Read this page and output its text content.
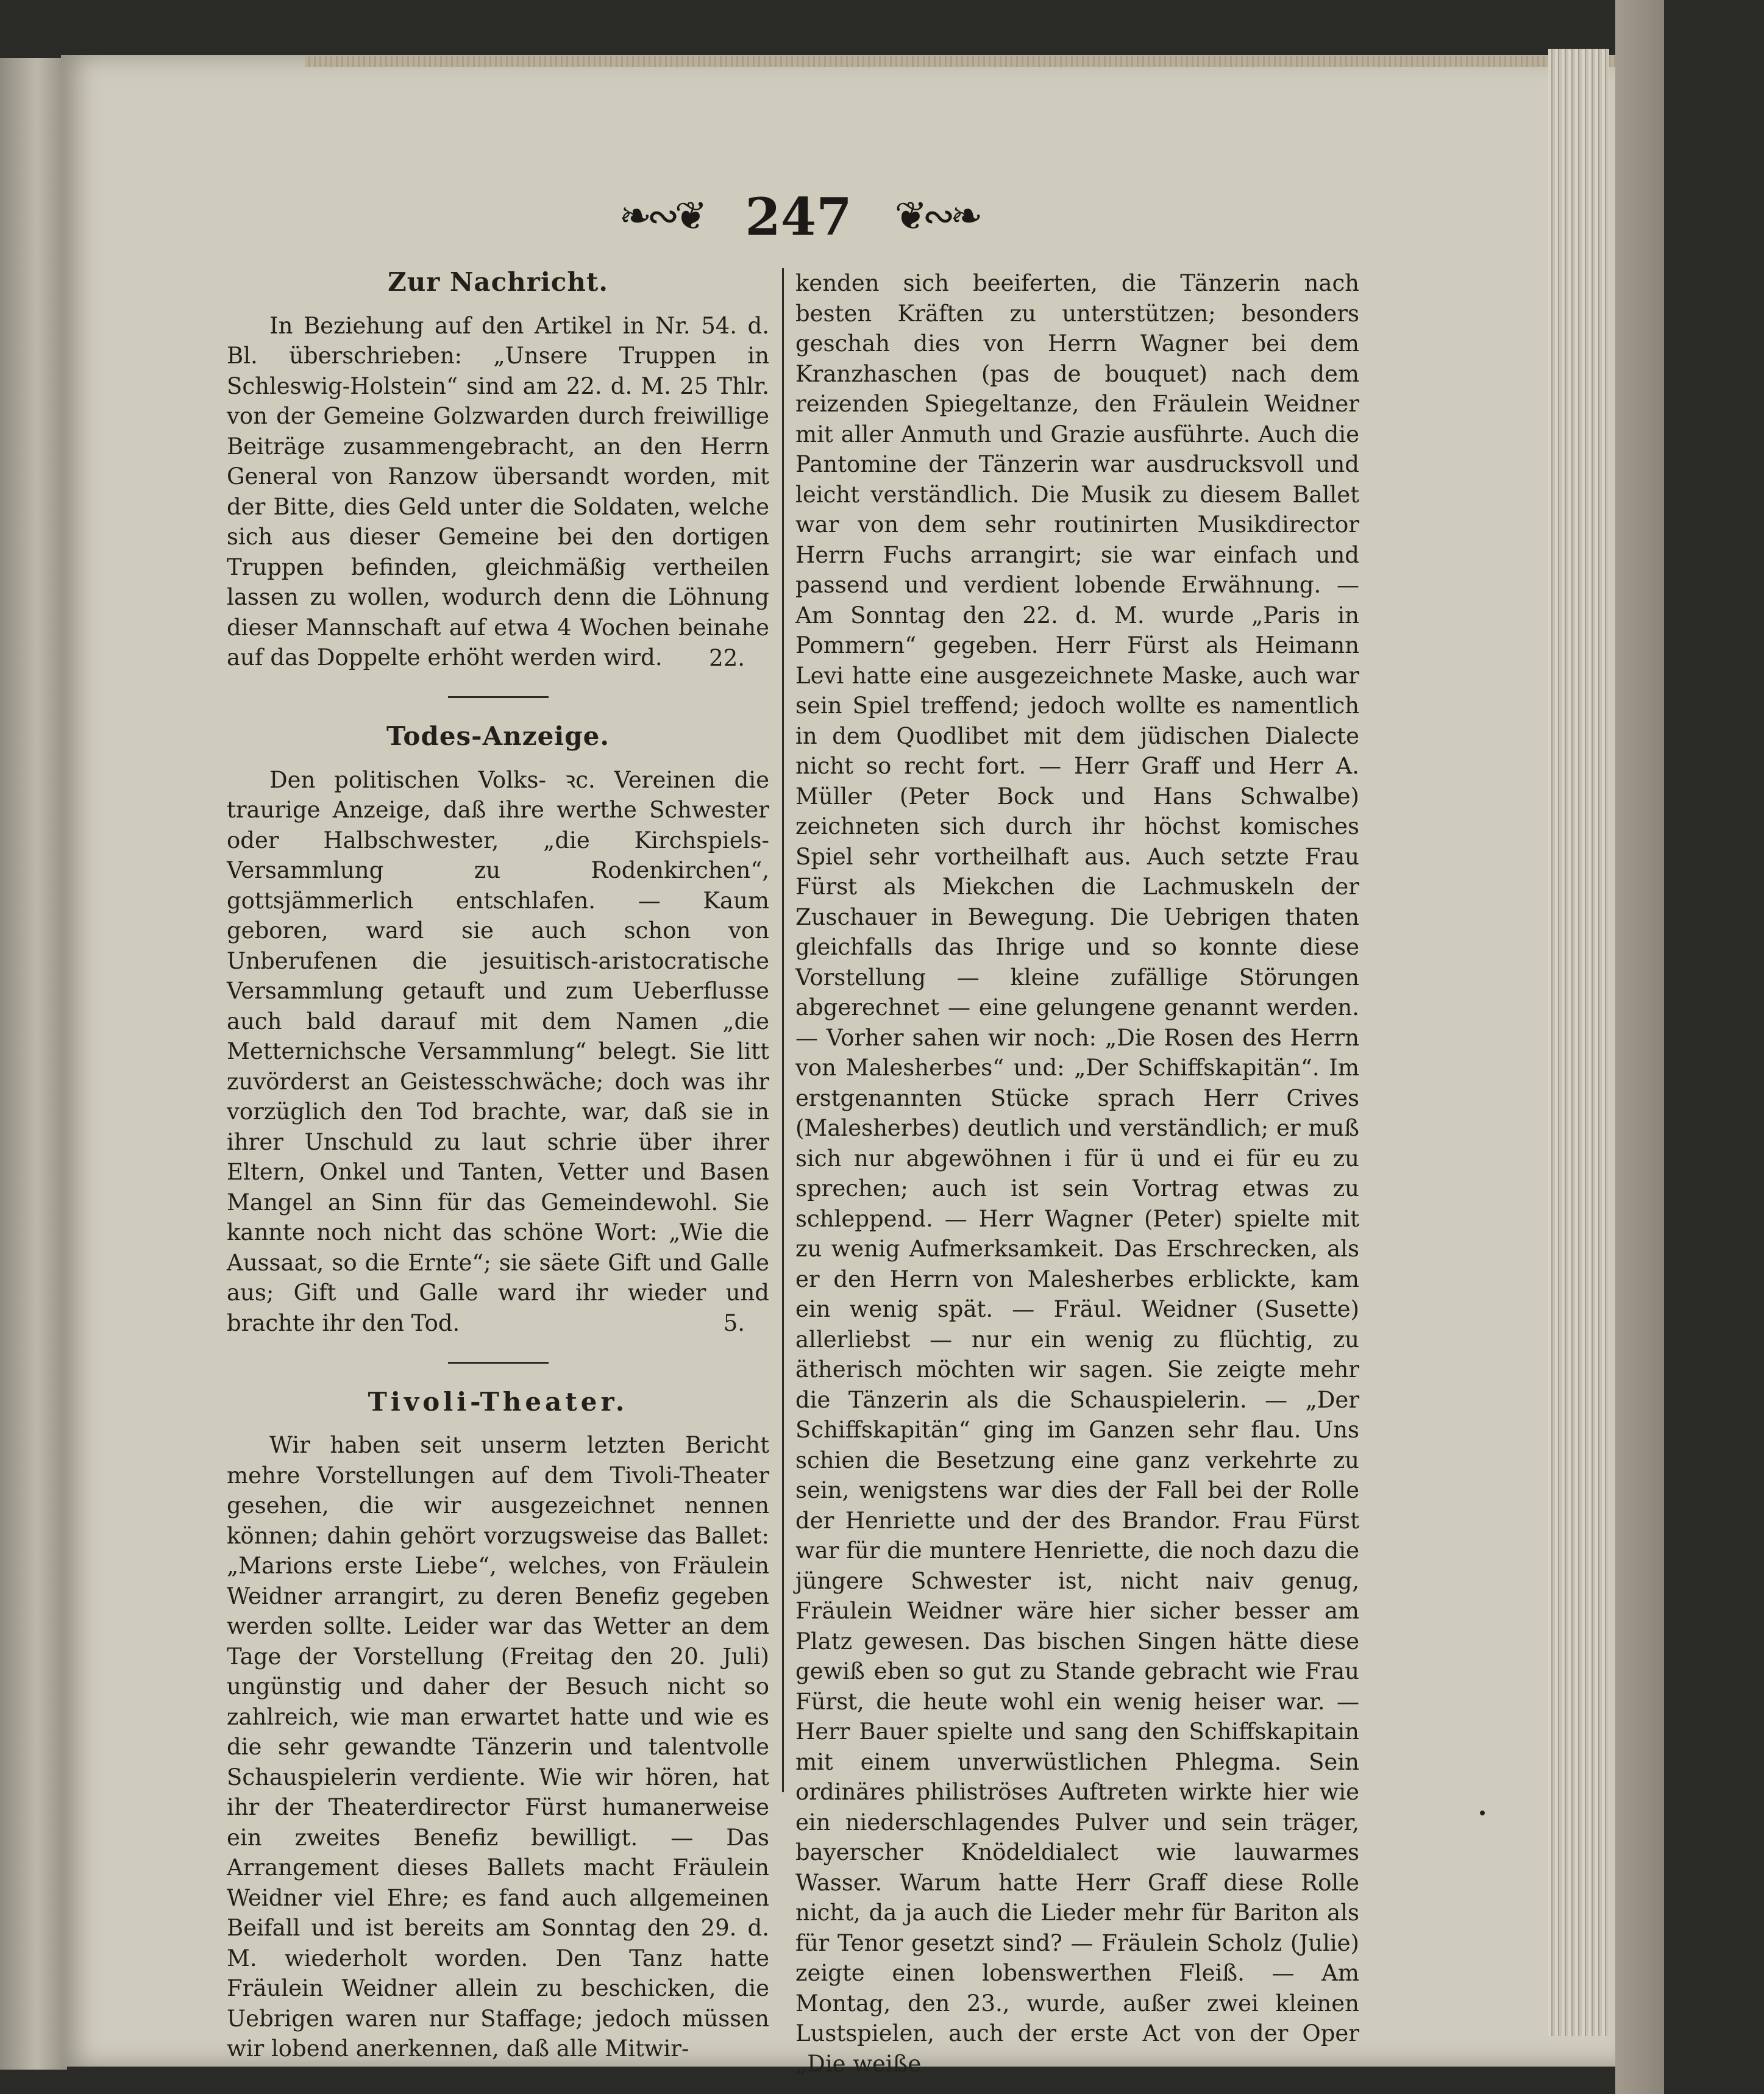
❧∾❦ 247 ❦∾❧
Zur Nachricht.

In Beziehung auf den Artikel in Nr. 54. d. Bl. überschrieben: „Unsere Truppen in Schleswig-Holstein“ sind am 22. d. M. 25 Thlr. von der Gemeine Golzwarden durch freiwillige Beiträge zusammengebracht, an den Herrn General von Ranzow übersandt worden, mit der Bitte, dies Geld unter die Soldaten, welche sich aus dieser Gemeine bei den dortigen Truppen befinden, gleichmäßig vertheilen lassen zu wollen, wodurch denn die Löhnung dieser Mannschaft auf etwa 4 Wochen beinahe auf das Doppelte erhöht werden wird.	22.
Todes-Anzeige.

Den politischen Volks- ꝛc. Vereinen die traurige Anzeige, daß ihre werthe Schwester oder Halbschwester, „die Kirchspiels-Versammlung zu Rodenkirchen“, gottsjämmerlich entschlafen. — Kaum geboren, ward sie auch schon von Unberufenen die jesuitisch-aristocratische Versammlung getauft und zum Ueberflusse auch bald darauf mit dem Namen „die Metternichsche Versammlung“ belegt. Sie litt zuvörderst an Geistesschwäche; doch was ihr vorzüglich den Tod brachte, war, daß sie in ihrer Unschuld zu laut schrie über ihrer Eltern, Onkel und Tanten, Vetter und Basen Mangel an Sinn für das Gemeindewohl. Sie kannte noch nicht das schöne Wort: „Wie die Aussaat, so die Ernte“; sie säete Gift und Galle aus; Gift und Galle ward ihr wieder und brachte ihr den Tod.	5.
Tivoli-Theater.

Wir haben seit unserm letzten Bericht mehre Vorstellungen auf dem Tivoli-Theater gesehen, die wir ausgezeichnet nennen können; dahin gehört vorzugsweise das Ballet: „Marions erste Liebe“, welches, von Fräulein Weidner arrangirt, zu deren Benefiz gegeben werden sollte. Leider war das Wetter an dem Tage der Vorstellung (Freitag den 20. Juli) ungünstig und daher der Besuch nicht so zahlreich, wie man erwartet hatte und wie es die sehr gewandte Tänzerin und talentvolle Schauspielerin verdiente. Wie wir hören, hat ihr der Theaterdirector Fürst humanerweise ein zweites Benefiz bewilligt. — Das Arrangement dieses Ballets macht Fräulein Weidner viel Ehre; es fand auch allgemeinen Beifall und ist bereits am Sonntag den 29. d. M. wiederholt worden. Den Tanz hatte Fräulein Weidner allein zu beschicken, die Uebrigen waren nur Staffage; jedoch müssen wir lobend anerkennen, daß alle Mitwir-

kenden sich beeiferten, die Tänzerin nach besten Kräften zu unterstützen; besonders geschah dies von Herrn Wagner bei dem Kranzhaschen (pas de bouquet) nach dem reizenden Spiegeltanze, den Fräulein Weidner mit aller Anmuth und Grazie ausführte. Auch die Pantomine der Tänzerin war ausdrucksvoll und leicht verständlich. Die Musik zu diesem Ballet war von dem sehr routinirten Musikdirector Herrn Fuchs arrangirt; sie war einfach und passend und verdient lobende Erwähnung. — Am Sonntag den 22. d. M. wurde „Paris in Pommern“ gegeben. Herr Fürst als Heimann Levi hatte eine ausgezeichnete Maske, auch war sein Spiel treffend; jedoch wollte es namentlich in dem Quodlibet mit dem jüdischen Dialecte nicht so recht fort. — Herr Graff und Herr A. Müller (Peter Bock und Hans Schwalbe) zeichneten sich durch ihr höchst komisches Spiel sehr vortheilhaft aus. Auch setzte Frau Fürst als Miekchen die Lachmuskeln der Zuschauer in Bewegung. Die Uebrigen thaten gleichfalls das Ihrige und so konnte diese Vorstellung — kleine zufällige Störungen abgerechnet — eine gelungene genannt werden. — Vorher sahen wir noch: „Die Rosen des Herrn von Malesherbes“ und: „Der Schiffskapitän“. Im erstgenannten Stücke sprach Herr Crives (Malesherbes) deutlich und verständlich; er muß sich nur abgewöhnen i für ü und ei für eu zu sprechen; auch ist sein Vortrag etwas zu schleppend. — Herr Wagner (Peter) spielte mit zu wenig Aufmerksamkeit. Das Erschrecken, als er den Herrn von Malesherbes erblickte, kam ein wenig spät. — Fräul. Weidner (Susette) allerliebst — nur ein wenig zu flüchtig, zu ätherisch möchten wir sagen. Sie zeigte mehr die Tänzerin als die Schauspielerin. — „Der Schiffskapitän“ ging im Ganzen sehr flau. Uns schien die Besetzung eine ganz verkehrte zu sein, wenigstens war dies der Fall bei der Rolle der Henriette und der des Brandor. Frau Fürst war für die muntere Henriette, die noch dazu die jüngere Schwester ist, nicht naiv genug, Fräulein Weidner wäre hier sicher besser am Platz gewesen. Das bischen Singen hätte diese gewiß eben so gut zu Stande gebracht wie Frau Fürst, die heute wohl ein wenig heiser war. — Herr Bauer spielte und sang den Schiffskapitain mit einem unverwüstlichen Phlegma. Sein ordinäres philiströses Auftreten wirkte hier wie ein niederschlagendes Pulver und sein träger, bayerscher Knödeldialect wie lauwarmes Wasser. Warum hatte Herr Graff diese Rolle nicht, da ja auch die Lieder mehr für Bariton als für Tenor gesetzt sind? — Fräulein Scholz (Julie) zeigte einen lobenswerthen Fleiß. — Am Montag, den 23., wurde, außer zwei kleinen Lustspielen, auch der erste Act von der Oper „Die weiße
